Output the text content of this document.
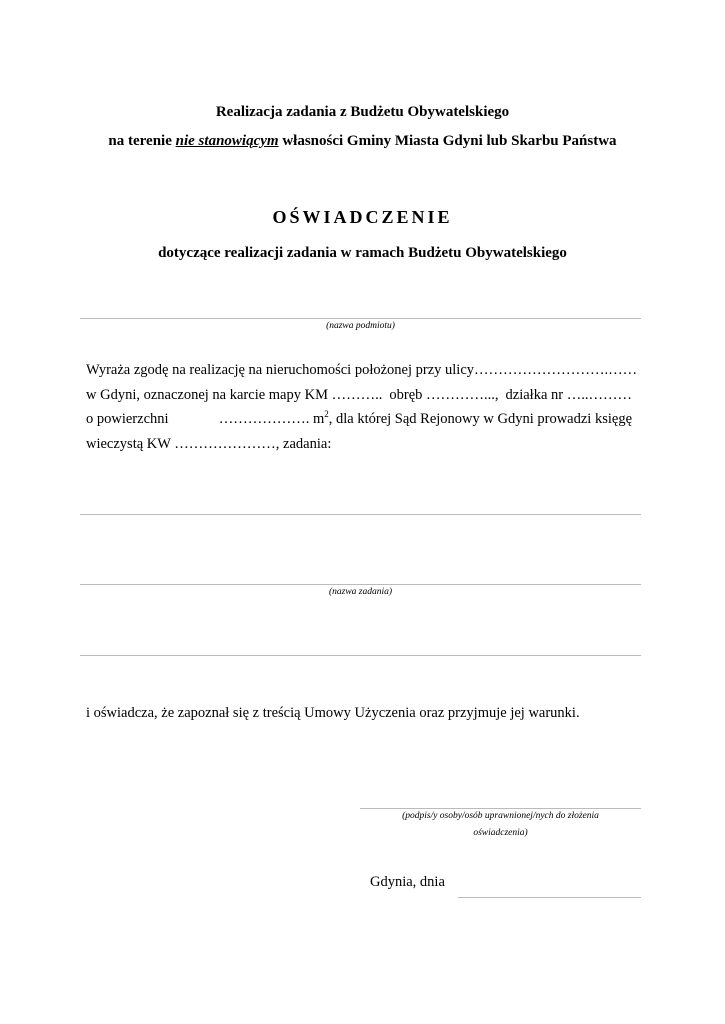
Realizacja zadania z Budżetu Obywatelskiego
na terenie nie stanowiącym własności Gminy Miasta Gdyni lub Skarbu Państwa
OŚWIADCZENIE
dotyczące realizacji zadania w ramach Budżetu Obywatelskiego
(nazwa podmiotu)
Wyraża zgodę na realizację na nieruchomości położonej przy ulicy ……………………….……
w Gdyni, oznaczonej na karcie mapy KM ……….. obręb …………..., działka nr …..………
o powierzchni	………………. $m^2$, dla której Sąd Rejonowy w Gdyni prowadzi księgę
wieczystą KW …………………, zadania:
(nazwa zadania)
i oświadcza, że zapoznał się z treścią Umowy Użyczenia oraz przyjmuje jej warunki.
(podpis/y osoby/osób uprawnionej/nych do złożenia
oświadczenia)
Gdynia, dnia
